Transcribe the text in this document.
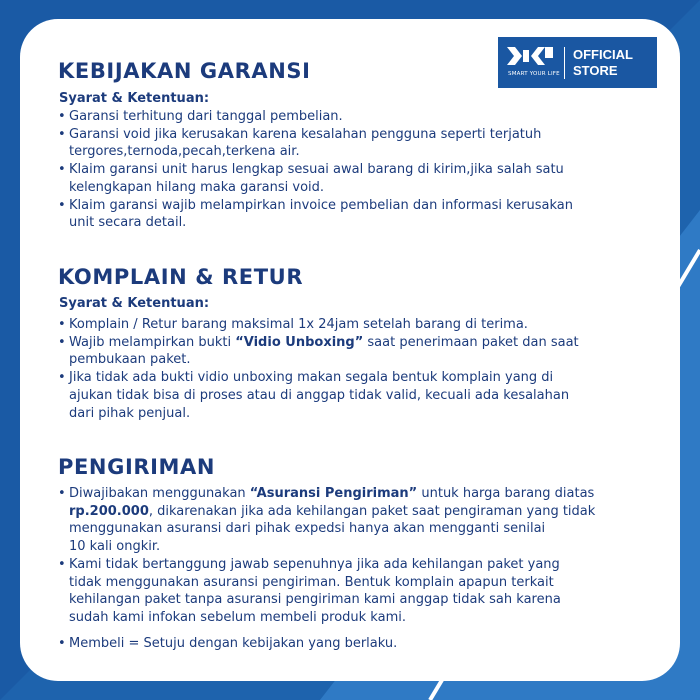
SMART YOUR LIFE
OFFICIAL
STORE
KEBIJAKAN GARANSI
Syarat & Ketentuan:
• Garansi terhitung dari tanggal pembelian.
• Garansi void jika kerusakan karena kesalahan pengguna seperti terjatuh
tergores,ternoda,pecah,terkena air.
• Klaim garansi unit harus lengkap sesuai awal barang di kirim,jika salah satu
kelengkapan hilang maka garansi void.
• Klaim garansi wajib melampirkan invoice pembelian dan informasi kerusakan
unit secara detail.
KOMPLAIN & RETUR
Syarat & Ketentuan:
• Komplain / Retur barang maksimal 1x 24jam setelah barang di terima.
• Wajib melampirkan bukti “Vidio Unboxing” saat penerimaan paket dan saat
pembukaan paket.
• Jika tidak ada bukti vidio unboxing makan segala bentuk komplain yang di
ajukan tidak bisa di proses atau di anggap tidak valid, kecuali ada kesalahan
dari pihak penjual.
PENGIRIMAN
• Diwajibakan menggunakan “Asuransi Pengiriman” untuk harga barang diatas
rp.200.000, dikarenakan jika ada kehilangan paket saat pengiraman yang tidak
menggunakan asuransi dari pihak expedsi hanya akan mengganti senilai
10 kali ongkir.
• Kami tidak bertanggung jawab sepenuhnya jika ada kehilangan paket yang
tidak menggunakan asuransi pengiriman. Bentuk komplain apapun terkait
kehilangan paket tanpa asuransi pengiriman kami anggap tidak sah karena
sudah kami infokan sebelum membeli produk kami.
• Membeli = Setuju dengan kebijakan yang berlaku.
